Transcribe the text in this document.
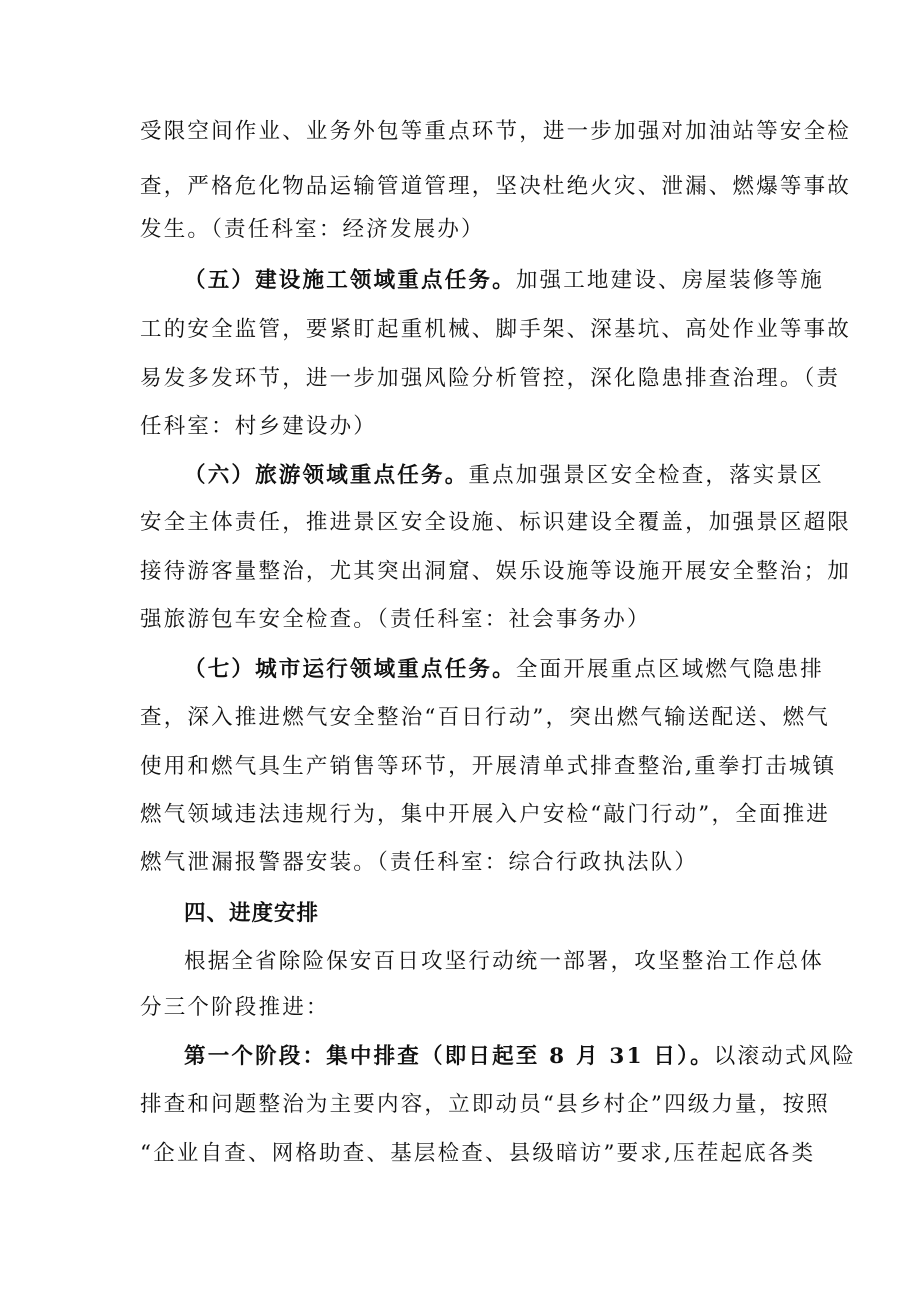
受限空间作业、业务外包等重点环节，进一步加强对加油站等安全检
查，严格危化物品运输管道管理，坚决杜绝火灾、泄漏、燃爆等事故
发生。（责任科室：经济发展办）
（五）建设施工领域重点任务。加强工地建设、房屋装修等施
工的安全监管，要紧盯起重机械、脚手架、深基坑、高处作业等事故
易发多发环节，进一步加强风险分析管控，深化隐患排查治理。（责
任科室：村乡建设办）
（六）旅游领域重点任务。重点加强景区安全检查，落实景区
安全主体责任，推进景区安全设施、标识建设全覆盖，加强景区超限
接待游客量整治，尤其突出洞窟、娱乐设施等设施开展安全整治；加
强旅游包车安全检查。（责任科室：社会事务办）
（七）城市运行领域重点任务。全面开展重点区域燃气隐患排
查，深入推进燃气安全整治“百日行动”，突出燃气输送配送、燃气
使用和燃气具生产销售等环节，开展清单式排查整治,重拳打击城镇
燃气领域违法违规行为，集中开展入户安检“敲门行动”，全面推进
燃气泄漏报警器安装。（责任科室：综合行政执法队）
四、进度安排
根据全省除险保安百日攻坚行动统一部署，攻坚整治工作总体
分三个阶段推进：
第一个阶段：集中排查（即日起至 8 月 31 日）。以滚动式风险
排查和问题整治为主要内容，立即动员“县乡村企”四级力量，按照
“企业自查、网格助查、基层检查、县级暗访”要求,压茬起底各类
